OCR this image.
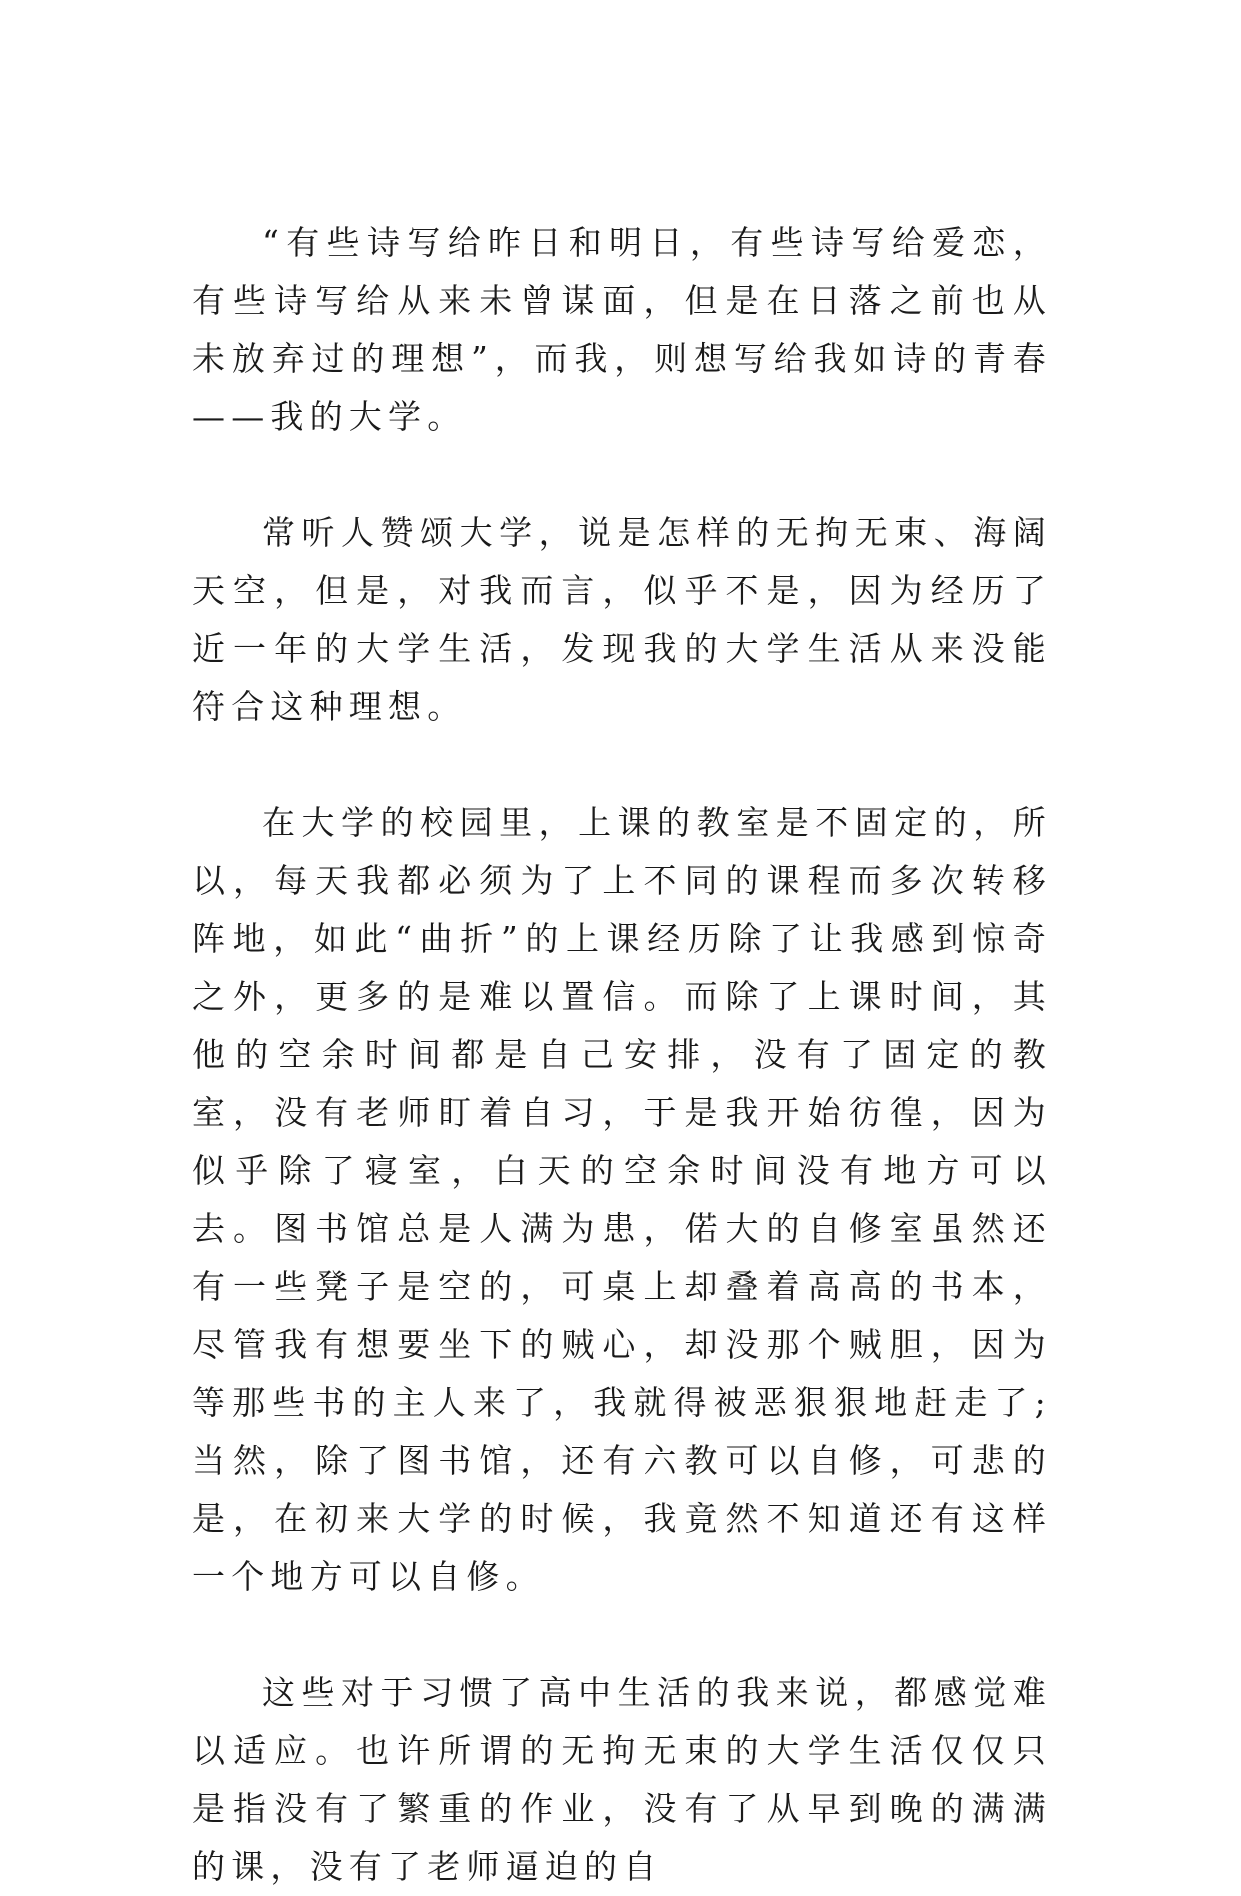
“有些诗写给昨日和明日，有些诗写给爱恋，有些诗写给从来未曾谋面，但是在日落之前也从未放弃过的理想”，而我，则想写给我如诗的青春——我的大学。

常听人赞颂大学，说是怎样的无拘无束、海阔天空，但是，对我而言，似乎不是，因为经历了近一年的大学生活，发现我的大学生活从来没能符合这种理想。

在大学的校园里，上课的教室是不固定的，所以，每天我都必须为了上不同的课程而多次转移阵地，如此“曲折”的上课经历除了让我感到惊奇之外，更多的是难以置信。而除了上课时间，其他的空余时间都是自己安排，没有了固定的教室，没有老师盯着自习，于是我开始彷徨，因为似乎除了寝室，白天的空余时间没有地方可以去。图书馆总是人满为患，偌大的自修室虽然还有一些凳子是空的，可桌上却叠着高高的书本，尽管我有想要坐下的贼心，却没那个贼胆，因为等那些书的主人来了，我就得被恶狠狠地赶走了;当然，除了图书馆，还有六教可以自修，可悲的是，在初来大学的时候，我竟然不知道还有这样一个地方可以自修。

这些对于习惯了高中生活的我来说，都感觉难以适应。也许所谓的无拘无束的大学生活仅仅只是指没有了繁重的作业，没有了从早到晚的满满的课，没有了老师逼迫的自
